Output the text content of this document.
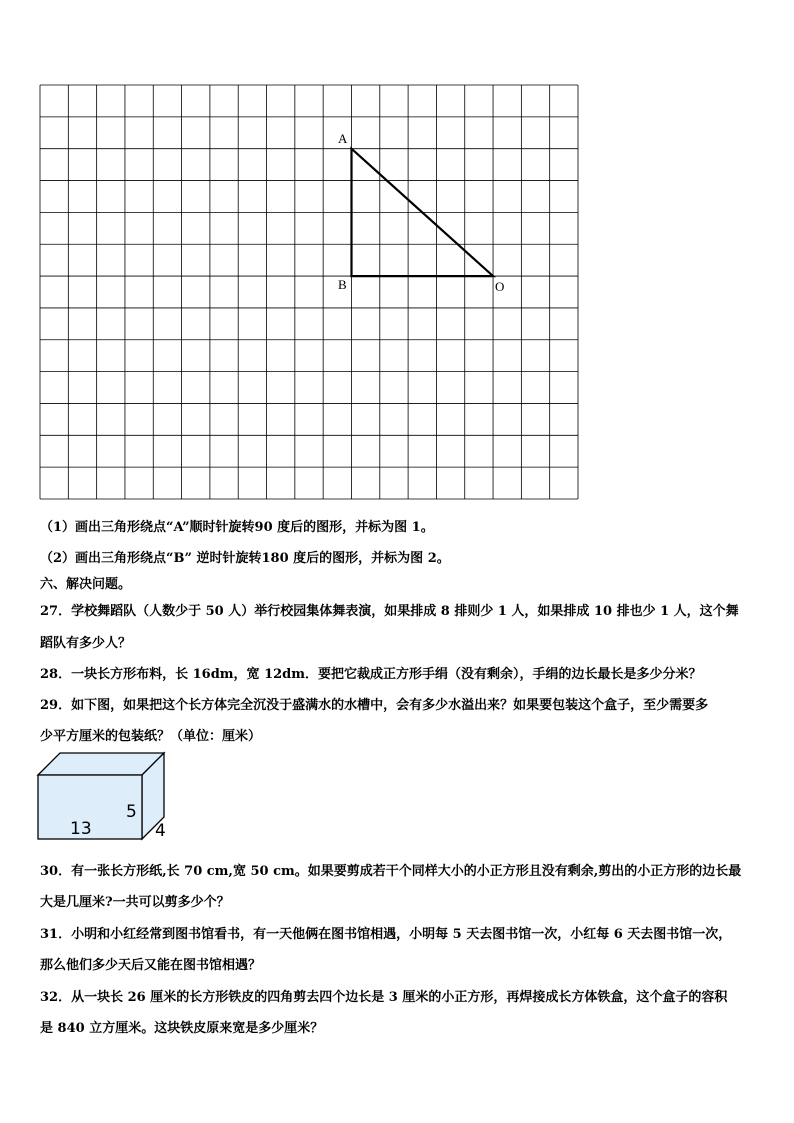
A
B	O
（1）画出三角形绕点“A”顺时针旋转90 度后的图形，并标为图 1。
（2）画出三角形绕点“B” 逆时针旋转180 度后的图形，并标为图 2。
六、解决问题。
27．学校舞蹈队（人数少于 50 人）举行校园集体舞表演，如果排成 8 排则少 1 人，如果排成 10 排也少 1 人，这个舞
蹈队有多少人？
28．一块长方形布料，长 16dm，宽 12dm．要把它裁成正方形手绢（没有剩余），手绢的边长最长是多少分米？
29．如下图，如果把这个长方体完全沉没于盛满水的水槽中，会有多少水溢出来？如果要包装这个盒子，至少需要多
少平方厘米的包装纸？（单位：厘米）
13
5
4
30．有一张长方形纸,长 70 cm,宽 50 cm。如果要剪成若干个同样大小的小正方形且没有剩余,剪出的小正方形的边长最
大是几厘米?一共可以剪多少个？
31．小明和小红经常到图书馆看书，有一天他俩在图书馆相遇，小明每 5 天去图书馆一次，小红每 6 天去图书馆一次，
那么他们多少天后又能在图书馆相遇？
32．从一块长 26 厘米的长方形铁皮的四角剪去四个边长是 3 厘米的小正方形，再焊接成长方体铁盒，这个盒子的容积
是 840 立方厘米。这块铁皮原来宽是多少厘米？
